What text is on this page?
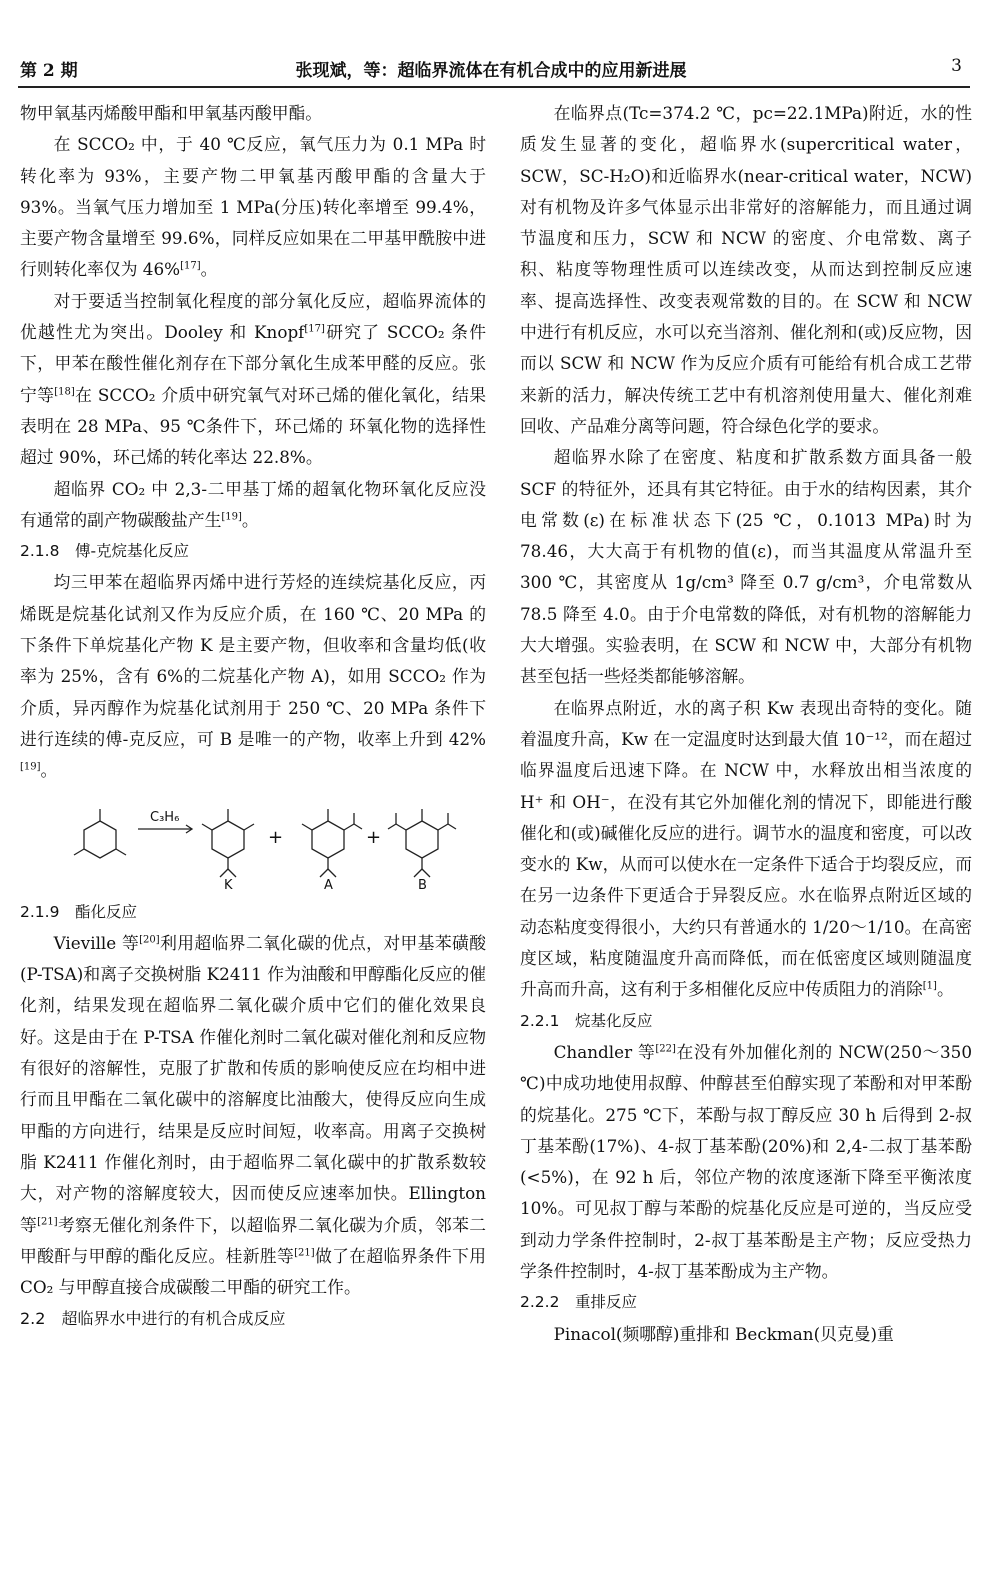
第 2 期	张现斌，等：超临界流体在有机合成中的应用新进展	3

物甲氧基丙烯酸甲酯和甲氧基丙酸甲酯。

在 SCCO₂ 中，于 40 ℃反应，氧气压力为 0.1 MPa 时转化率为 93%，主要产物二甲氧基丙酸甲酯的含量大于 93%。当氧气压力增加至 1 MPa(分压)转化率增至 99.4%，主要产物含量增至 99.6%，同样反应如果在二甲基甲酰胺中进行则转化率仅为 46%[17]。

对于要适当控制氧化程度的部分氧化反应，超临界流体的优越性尤为突出。Dooley 和 Knopf[17]研究了 SCCO₂ 条件下，甲苯在酸性催化剂存在下部分氧化生成苯甲醛的反应。张宁等[18]在 SCCO₂ 介质中研究氧气对环己烯的催化氧化，结果表明在 28 MPa、95 ℃条件下，环己烯的 环氧化物的选择性超过 90%，环己烯的转化率达 22.8%。

超临界 CO₂ 中 2,3-二甲基丁烯的超氧化物环氧化反应没有通常的副产物碳酸盐产生[19]。

2.1.8　傅-克烷基化反应

均三甲苯在超临界丙烯中进行芳烃的连续烷基化反应，丙烯既是烷基化试剂又作为反应介质，在 160 ℃、20 MPa 的下条件下单烷基化产物 K 是主要产物，但收率和含量均低(收率为 25%，含有 6%的二烷基化产物 A)，如用 SCCO₂ 作为介质，异丙醇作为烷基化试剂用于 250 ℃、20 MPa 条件下进行连续的傅-克反应，可 B 是唯一的产物，收率上升到 42%[19]。

C₃H₆
+	+
K	A	B

2.1.9　酯化反应

Vieville 等[20]利用超临界二氧化碳的优点，对甲基苯磺酸(P-TSA)和离子交换树脂 K2411 作为油酸和甲醇酯化反应的催化剂，结果发现在超临界二氧化碳介质中它们的催化效果良好。这是由于在 P-TSA 作催化剂时二氧化碳对催化剂和反应物有很好的溶解性，克服了扩散和传质的影响使反应在均相中进行而且甲酯在二氧化碳中的溶解度比油酸大，使得反应向生成甲酯的方向进行，结果是反应时间短，收率高。用离子交换树脂 K2411 作催化剂时，由于超临界二氧化碳中的扩散系数较大，对产物的溶解度较大，因而使反应速率加快。Ellington 等[21]考察无催化剂条件下，以超临界二氧化碳为介质，邻苯二甲酸酐与甲醇的酯化反应。桂新胜等[21]做了在超临界条件下用 CO₂ 与甲醇直接合成碳酸二甲酯的研究工作。

2.2　超临界水中进行的有机合成反应

在临界点(Tc=374.2 ℃，pc=22.1MPa)附近，水的性质发生显著的变化，超临界水(supercritical water，SCW，SC-H₂O)和近临界水(near-critical water，NCW)对有机物及许多气体显示出非常好的溶解能力，而且通过调节温度和压力，SCW 和 NCW 的密度、介电常数、离子积、粘度等物理性质可以连续改变，从而达到控制反应速率、提高选择性、改变表观常数的目的。在 SCW 和 NCW 中进行有机反应，水可以充当溶剂、催化剂和(或)反应物，因而以 SCW 和 NCW 作为反应介质有可能给有机合成工艺带来新的活力，解决传统工艺中有机溶剂使用量大、催化剂难回收、产品难分离等问题，符合绿色化学的要求。

超临界水除了在密度、粘度和扩散系数方面具备一般 SCF 的特征外，还具有其它特征。由于水的结构因素，其介电常数(ε)在标准状态下(25 ℃，0.1013 MPa)时为 78.46，大大高于有机物的值(ε)，而当其温度从常温升至 300 ℃，其密度从 1g/cm³ 降至 0.7 g/cm³，介电常数从 78.5 降至 4.0。由于介电常数的降低，对有机物的溶解能力大大增强。实验表明，在 SCW 和 NCW 中，大部分有机物甚至包括一些烃类都能够溶解。

在临界点附近，水的离子积 Kw 表现出奇特的变化。随着温度升高，Kw 在一定温度时达到最大值 10⁻¹²，而在超过临界温度后迅速下降。在 NCW 中，水释放出相当浓度的 H⁺ 和 OH⁻，在没有其它外加催化剂的情况下，即能进行酸催化和(或)碱催化反应的进行。调节水的温度和密度，可以改变水的 Kw，从而可以使水在一定条件下适合于均裂反应，而在另一边条件下更适合于异裂反应。水在临界点附近区域的动态粘度变得很小，大约只有普通水的 1/20～1/10。在高密度区域，粘度随温度升高而降低，而在低密度区域则随温度升高而升高，这有利于多相催化反应中传质阻力的消除[1]。

2.2.1　烷基化反应

Chandler 等[22]在没有外加催化剂的 NCW(250～350 ℃)中成功地使用叔醇、仲醇甚至伯醇实现了苯酚和对甲苯酚的烷基化。275 ℃下，苯酚与叔丁醇反应 30 h 后得到 2-叔丁基苯酚(17%)、4-叔丁基苯酚(20%)和 2,4-二叔丁基苯酚(<5%)，在 92 h 后，邻位产物的浓度逐渐下降至平衡浓度 10%。可见叔丁醇与苯酚的烷基化反应是可逆的，当反应受到动力学条件控制时，2-叔丁基苯酚是主产物；反应受热力学条件控制时，4-叔丁基苯酚成为主产物。

2.2.2　重排反应

Pinacol(频哪醇)重排和 Beckman(贝克曼)重
